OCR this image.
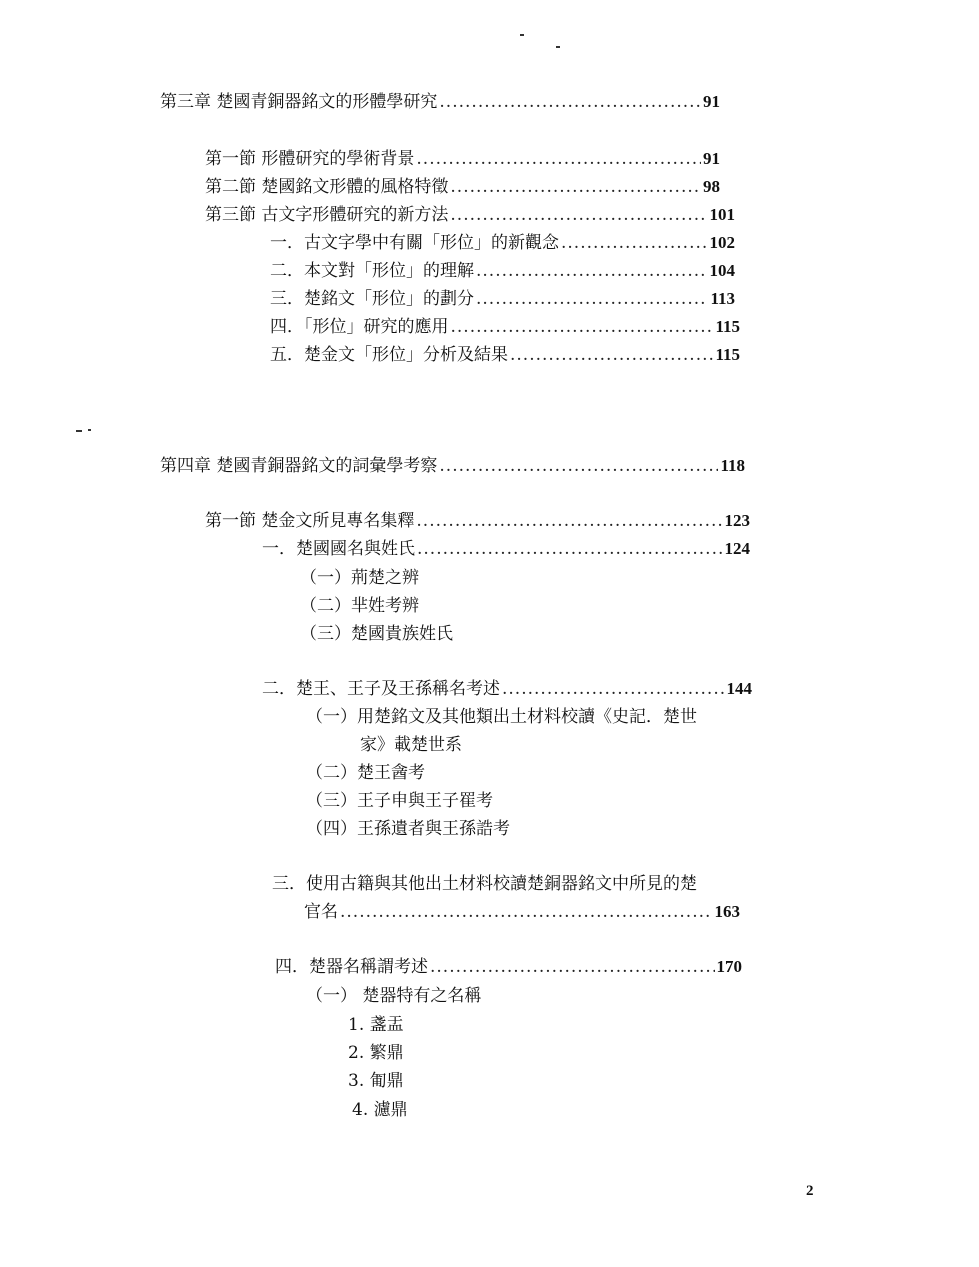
第三章 楚國青銅器銘文的形體學研究 .....	91
第一節 形體研究的學術背景 .....	91
第二節 楚國銘文形體的風格特徵 .....	98
第三節 古文字形體研究的新方法 .....	101
一．古文字學中有關「形位」的新觀念 .....	102
二．本文對「形位」的理解 .....	104
三．楚銘文「形位」的劃分 .....	113
四．「形位」研究的應用 .....	115
五．楚金文「形位」分析及結果 .....	115
第四章 楚國青銅器銘文的詞彙學考察 .....	118
第一節 楚金文所見專名集釋 .....	123
一．楚國國名與姓氏 .....	124
（一）荊楚之辨
（二）芈姓考辨
（三）楚國貴族姓氏
二．楚王、王子及王孫稱名考述 .....	144
（一）用楚銘文及其他類出土材料校讀《史記．楚世
家》載楚世系
（二）楚王酓考
（三）王子申與王子䍜考
（四）王孫遺者與王孫誥考
三．使用古籍與其他出土材料校讀楚銅器銘文中所見的楚
官名 .....	163
四．楚器名稱謂考述 .....	170
（一） 楚器特有之名稱
1. 盞盂
2. 繁鼎
3. 匍鼎
4. 濾鼎
2
